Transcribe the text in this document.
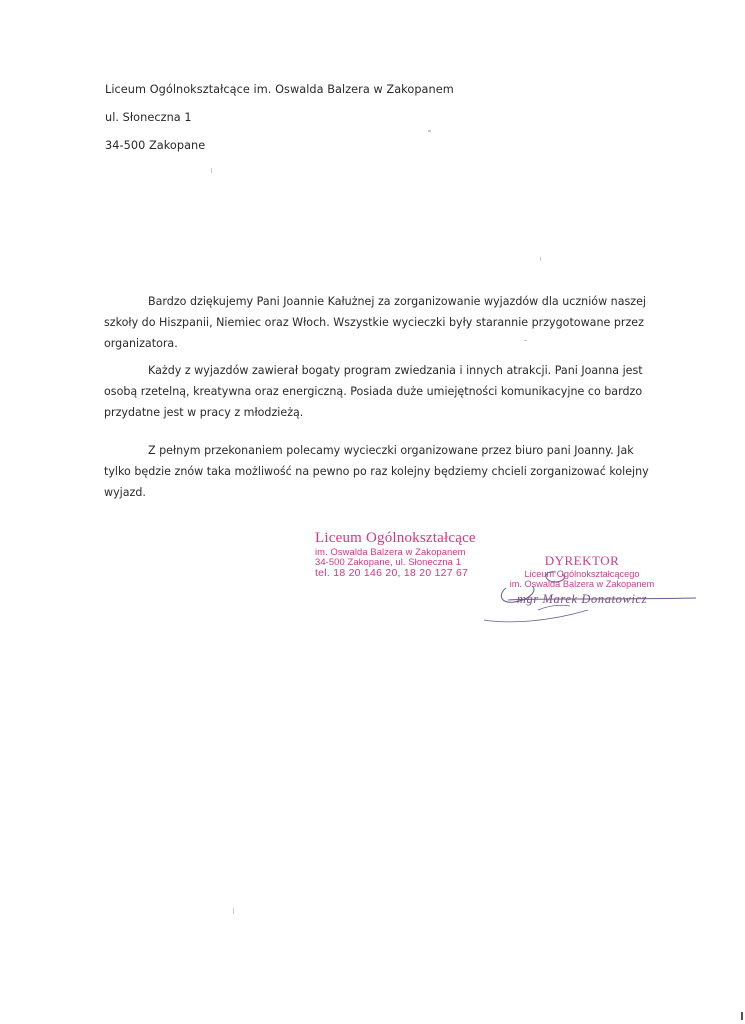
Liceum Ogólnokształcące im. Oswalda Balzera w Zakopanem
ul. Słoneczna 1
34-500 Zakopane

Bardzo dziękujemy Pani Joannie Kałużnej za zorganizowanie wyjazdów dla uczniów naszej szkoły do Hiszpanii, Niemiec oraz Włoch. Wszystkie wycieczki były starannie przygotowane przez organizatora.

Każdy z wyjazdów zawierał bogaty program zwiedzania i innych atrakcji. Pani Joanna jest osobą rzetelną, kreatywna oraz energiczną. Posiada duże umiejętności komunikacyjne co bardzo przydatne jest w pracy z młodzieżą.

Z pełnym przekonaniem polecamy wycieczki organizowane przez biuro pani Joanny. Jak tylko będzie znów taka możliwość na pewno po raz kolejny będziemy chcieli zorganizować kolejny wyjazd.

Liceum Ogólnokształcące
im. Oswalda Balzera w Zakopanem
34-500 Zakopane, ul. Słoneczna 1
tel. 18 20 146 20, 18 20 127 67
DYREKTOR
Liceum Ogólnokształcącego
im. Oswalda Balzera w Zakopanem
mgr Marek Donatowicz
